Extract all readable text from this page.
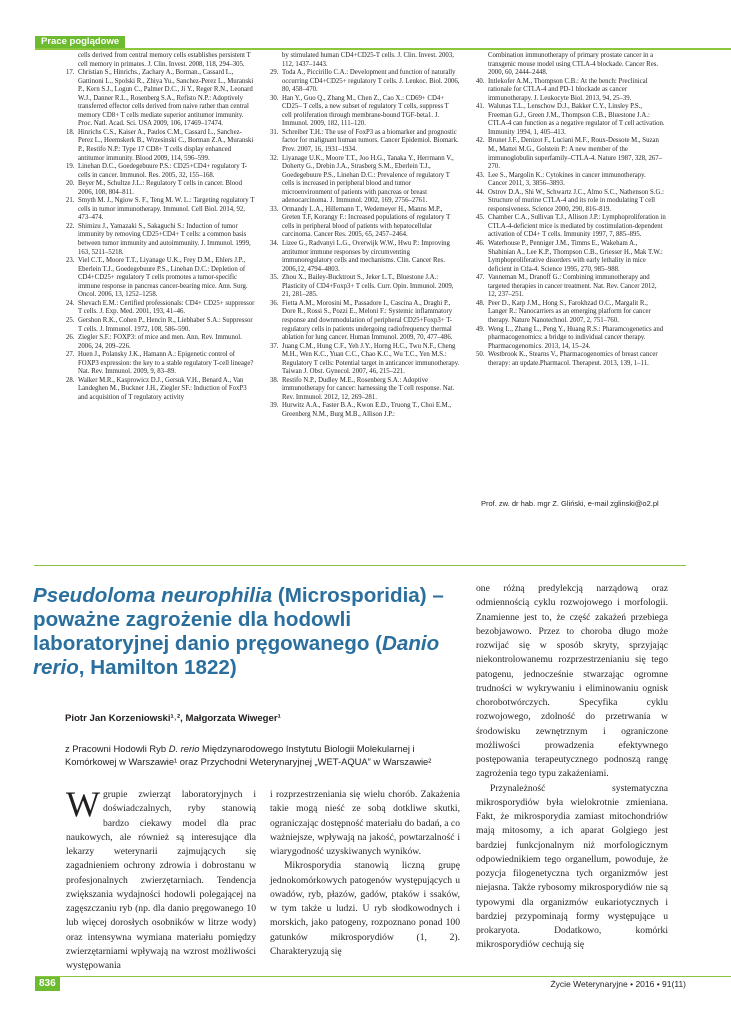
Prace poglądowe
cells derived from central memory cells establishes persistent T cell memory in primates. J. Clin. Invest. 2008, 118, 294–305.
17. Christian S., Hinrichs., Zachary A., Borman., Cassard L., Gattinoni L., Spolski R., Zhiya Yu., Sanchez-Perez L., Muranski P., Kern S.J., Logun C., Palmer D.C., Ji Y., Reger R.N., Leonard W.J., Danner R.L., Rosenberg S.A., Refisto N.P.: Adoptively transferred effector cells derived from naive rather than central memory CD8+ T cells mediate superior antitumor immunity. Proc. Natl. Acad. Sci. USA 2009, 106, 17469–17474.
18. Hinrichs C.S., Kaiser A., Paulos C.M., Cassard L., Sanchez-Perez L., Heemskerk B., Wrzesinski C., Borman Z.A., Muranski P., Restifo N.P.: Type 17 CD8+ T cells display enhanced antitumor immunity. Blood 2009, 114, 596–599.
19. Linehan D.C., Goedegebuure P.S.: CD25+CD4+ regulatory T-cells in cancer. Immunol. Res. 2005, 32, 155–168.
20. Beyer M., Schultze J.L.: Regulatory T cells in cancer. Blood 2006, 108, 804–811.
21. Smyth M. J., Ngiow S. F., Teng M. W. L.: Targeting regulatory T cells in tumor immunotherapy. Immunol. Cell Biol. 2014, 92, 473–474.
22. Shimizu J., Yamazaki S., Sakaguchi S.: Induction of tumor immunity by removing CD25+CD4+ T cells: a common basis between tumor immunity and autoimmunity. J. Immunol. 1999, 163, 5211–5218.
23. Viel C.T., Moore T.T., Liyanage U.K., Frey D.M., Ehlers J.P., Eberlein T.J., Goedegebuure P.S., Linehan D.C.: Depletion of CD4+CD25+ regulatory T cells promotes a tumor-specific immune response in pancreas cancer-bearing mice. Ann. Surg. Oncol. 2006, 13, 1252–1258.
24. Shevach E.M.: Certified professionals: CD4+ CD25+ suppressor T cells. J. Exp. Med. 2001, 193, 41–46.
25. Gershon R.K., Cohen P., Hencin R., Liebhaber S.A.: Suppressor T cells. J. Immunol. 1972, 108, 586–590.
26. Ziegler S.F.: FOXP3: of mice and men. Ann. Rev. Immunol. 2006, 24, 209–226.
27. Huen J., Polansky J.K., Hamann A.: Epigenetic control of FOXP3 expression: the key to a stable regulatory T-cell lineage? Nat. Rev. Immunol. 2009, 9, 83–89.
28. Walker M.R., Kasprowicz D.J., Gersuk V.H., Benard A., Van Landeghen M., Buckner J.H., Ziegler SF.: Induction of FoxP3 and acquisition of T regulatory activity
by stimulated human CD4+CD25-T cells. J. Clin. Invest. 2003, 112, 1437–1443.
29. Toda A., Piccirillo C.A.: Development and function of naturally occurring CD4+CD25+ regulatory T cells. J. Leukoc. Biol. 2006, 80, 458–470.
30. Han Y., Guo Q., Zhang M., Chen Z., Cao X.: CD69+ CD4+ CD25– T cells, a new subset of regulatory T cells, suppress T cell proliferation through membrane-bound TGF-beta1. J. Immunol. 2009, 182, 111–120.
31. Schreiber T.H.: The use of FoxP3 as a biomarker and prognostic factor for malignant human tumors. Cancer Epidemiol. Biomark. Prev. 2007, 16, 1931–1934.
32. Liyanage U.K., Moore T.T., Joo H.G., Tanaka Y., Herrmann V., Doherty G., Drebin J.A., Strasberg S.M., Eberlein T.J., Goedegebuure P.S., Linehan D.C.: Prevalence of regulatory T cells is increased in peripheral blood and tumor microenvironment of patients with pancreas or breast adenocarcinoma. J. Immunol. 2002, 169, 2756–2761.
33. Ormandy L.A., Hillemann T., Wedemeyer H., Manns M.P., Greten T.F, Korangy F.: Increased populations of regulatory T cells in peripheral blood of patients with hepatocellular carcinoma. Cancer Res. 2005, 65, 2457–2464.
34. Lizee G., Radvanyi L.G., Overwijk W.W., Hwu P.: Improving antitumor immune responses by circumventing immunoregulatory cells and mechanisms. Clin. Cancer Res. 2006,12, 4794–4803.
35. Zhou X., Bailey-Bucktrout S., Jeker L.T., Bluestone J.A.: Plasticity of CD4+Foxp3+ T cells. Curr. Opin. Immunol. 2009, 21, 281–285.
36. Fietta A.M., Morosini M., Passadore I., Cascina A., Draghi P., Dore R., Rossi S., Pozzi E., Meloni F.: Systemic inflammatory response and downmodulation of peripheral CD25+Foxp3+ T-regulatory cells in patients undergoing radiofrequency thermal ablation for lung cancer. Human Immunol. 2009, 70, 477–486.
37. Juang C.M., Hung C.F., Yeh J.Y., Horng H.C., Twu N.F., Cheng M.H., Wen K.C., Yuan C.C., Chao K.C., Wu T.C., Yen M.S.: Regulatory T cells: Potential target in anticancer immunotherapy. Taiwan J. Obst. Gynecol. 2007, 46, 215–221.
38. Restifo N.P., Dudley M.E., Rosenberg S.A.: Adoptive immunotherapy for cancer: harnessing the T cell response. Nat. Rev. Immunol. 2012, 12, 269–281.
39. Hurwitz A.A., Faster B.A., Kwon E.D., Truong T., Choi E.M., Greenberg N.M., Burg M.B., Allison J.P.:
Combination immunotherapy of primary prostate cancer in a transgenic mouse model using CTLA-4 blockade. Cancer Res. 2000, 60, 2444–2448.
40. Intlekofer A.M., Thompson C.B.: At the bench: Preclinical rationale for CTLA-4 and PD-1 blockade as cancer immunotherapy. J. Leukocyte Biol. 2013, 94, 25–39.
41. Walunas T.L., Lenschow D.J., Bakker C.Y., Linsley P.S., Freeman G.J., Green J.M., Thompson C.B., Bluestone J.A.: CTLA-4 can function as a negative regulator of T cell activation. Immunity 1994, 1, 405–413.
42. Brunet J.F., Denizot F., Luciani M.F., Roux-Dessote M., Suzan M., Mattei M.G., Golstein P.: A new member of the immunoglobulin superfamily–CTLA-4. Nature 1987, 328, 267–270.
43. Lee S., Margolin K.: Cytokines in cancer immunotherapy. Cancer 2011, 3, 3856–3893.
44. Ostrov D.A., Shi W., Schwartz J.C., Almo S.C., Nathenson S.G.: Structure of murine CTLA-4 and its role in modulating T cell responsiveness. Science 2000, 290, 816–819.
45. Chamber C.A., Sullivan T.J., Allison J.P.: Lymphoproliferation in CTLA-4-deficient mice is mediated by costimulation-dependent activation of CD4+ T cells. Immunity 1997, 7, 885–895.
46. Waterhouse P., Penniger J.M., Timms E., Wakeham A., Shahinian A., Lee K.P., Thompson C.B., Griesser H., Mak T.W.: Lymphoproliferative disorders with early lethality in mice deficient in Ctla-4. Science 1995, 270, 985–988.
47. Vanneman M., Dranoff G.: Combining immunotherapy and targeted therapies in cancer treatment. Nat. Rev. Cancer 2012, 12, 237–251.
48. Peer D., Karp J.M., Hong S., Farokhzad O.C., Margalit R., Langer R.: Nanocarriers as an emerging platform for cancer therapy. Nature Nanotechnol. 2007, 2, 751–760.
49. Weng L., Zhang L., Peng Y., Huang R.S.: Pharamcogenetics and pharmacogenomics: a bridge to individual cancer therapy. Pharmacogenomics. 2013, 14, 15–24.
50. Westbrook K., Stearns V., Pharmacogenomics of breast cancer therapy: an update.Pharmacol. Therapeut. 2013, 139, 1–11.
Prof. zw. dr hab. mgr Z. Gliński, e-mail zglinski@o2.pl
Pseudoloma neurophilia (Microsporidia) – poważne zagrożenie dla hodowli laboratoryjnej danio pręgowanego (Danio rerio, Hamilton 1822)
Piotr Jan Korzeniowski¹˒², Małgorzata Wiweger¹
z Pracowni Hodowli Ryb D. rerio Międzynarodowego Instytutu Biologii Molekularnej i Komórkowej w Warszawie¹ oraz Przychodni Weterynaryjnej „WET-AQUA” w Warszawie²

Wgrupie zwierząt laboratoryjnych i doświadczalnych, ryby stanowią bardzo ciekawy model dla prac naukowych, ale również są interesujące dla lekarzy weterynarii zajmujących się zagadnieniem ochrony zdrowia i dobrostanu w profesjonalnych zwierzętarniach. Tendencja zwiększania wydajności hodowli polegającej na zagęszczaniu ryb (np. dla danio pręgowanego 10 lub więcej dorosłych osobników w litrze wody) oraz intensywna wymiana materiału pomiędzy zwierzętarniami wpływają na wzrost możliwości występowania

i rozprzestrzeniania się wielu chorób. Zakażenia takie mogą nieść ze sobą dotkliwe skutki, ograniczając dostępność materiału do badań, a co ważniejsze, wpływają na jakość, powtarzalność i wiarygodność uzyskiwanych wyników.

Mikrosporydia stanowią liczną grupę jednokomórkowych patogenów występujących u owadów, ryb, płazów, gadów, ptaków i ssaków, w tym także u ludzi. U ryb słodkowodnych i morskich, jako patogeny, rozpoznano ponad 100 gatunków mikrosporydiów (1, 2). Charakteryzują się

one różną predylekcją narządową oraz odmiennością cyklu rozwojowego i morfologii. Znamienne jest to, że część zakażeń przebiega bezobjawowo. Przez to choroba długo może rozwijać się w sposób skryty, sprzyjając niekontrolowanemu rozprzestrzenianiu się tego patogenu, jednocześnie stwarzając ogromne trudności w wykrywaniu i eliminowaniu ognisk chorobotwórczych. Specyfika cyklu rozwojowego, zdolność do przetrwania w środowisku zewnętrznym i ograniczone możliwości prowadzenia efektywnego postępowania terapeutycznego podnoszą rangę zagrożenia tego typu zakażeniami.

Przynależność systematyczna mikrosporydiów była wielokrotnie zmieniana. Fakt, że mikrosporydia zamiast mitochondriów mają mitosomy, a ich aparat Golgiego jest bardziej funkcjonalnym niż morfologicznym odpowiednikiem tego organellum, powoduje, że pozycja filogenetyczna tych organizmów jest niejasna. Także rybosomy mikrosporydiów nie są typowymi dla organizmów eukariotycznych i bardziej przypominają formy występujące u prokaryota. Dodatkowo, komórki mikrosporydiów cechują się

836	Życie Weterynaryjne • 2016 • 91(11)
